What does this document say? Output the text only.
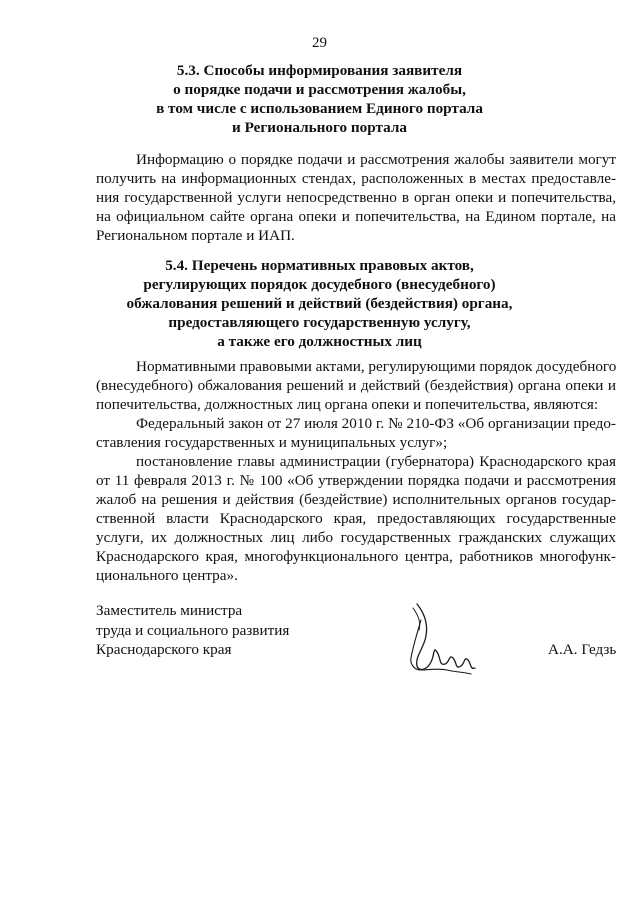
29
5.3. Способы информирования заявителя
о порядке подачи и рассмотрения жалобы,
в том числе с использованием Единого портала
и Регионального портала
Информацию о порядке подачи и рассмотрения жалобы заявители могут
получить на информационных стендах, расположенных в местах предоставле-
ния государственной услуги непосредственно в орган опеки и попечительства,
на официальном сайте органа опеки и попечительства, на Едином портале, на
Региональном портале и ИАП.
5.4. Перечень нормативных правовых актов,
регулирующих порядок досудебного (внесудебного)
обжалования решений и действий (бездействия) органа,
предоставляющего государственную услугу,
а также его должностных лиц
Нормативными правовыми актами, регулирующими порядок досудебного
(внесудебного) обжалования решений и действий (бездействия) органа опеки и
попечительства, должностных лиц органа опеки и попечительства, являются:
Федеральный закон от 27 июля 2010 г. № 210-ФЗ «Об организации предо-
ставления государственных и муниципальных услуг»;
постановление главы администрации (губернатора) Краснодарского края
от 11 февраля 2013 г. № 100 «Об утверждении порядка подачи и рассмотрения
жалоб на решения и действия (бездействие) исполнительных органов государ-
ственной власти Краснодарского края, предоставляющих государственные
услуги, их должностных лиц либо государственных гражданских служащих
Краснодарского края, многофункционального центра, работников многофунк-
ционального центра».
Заместитель министра
труда и социального развития
Краснодарского края	А.А. Гедзь
